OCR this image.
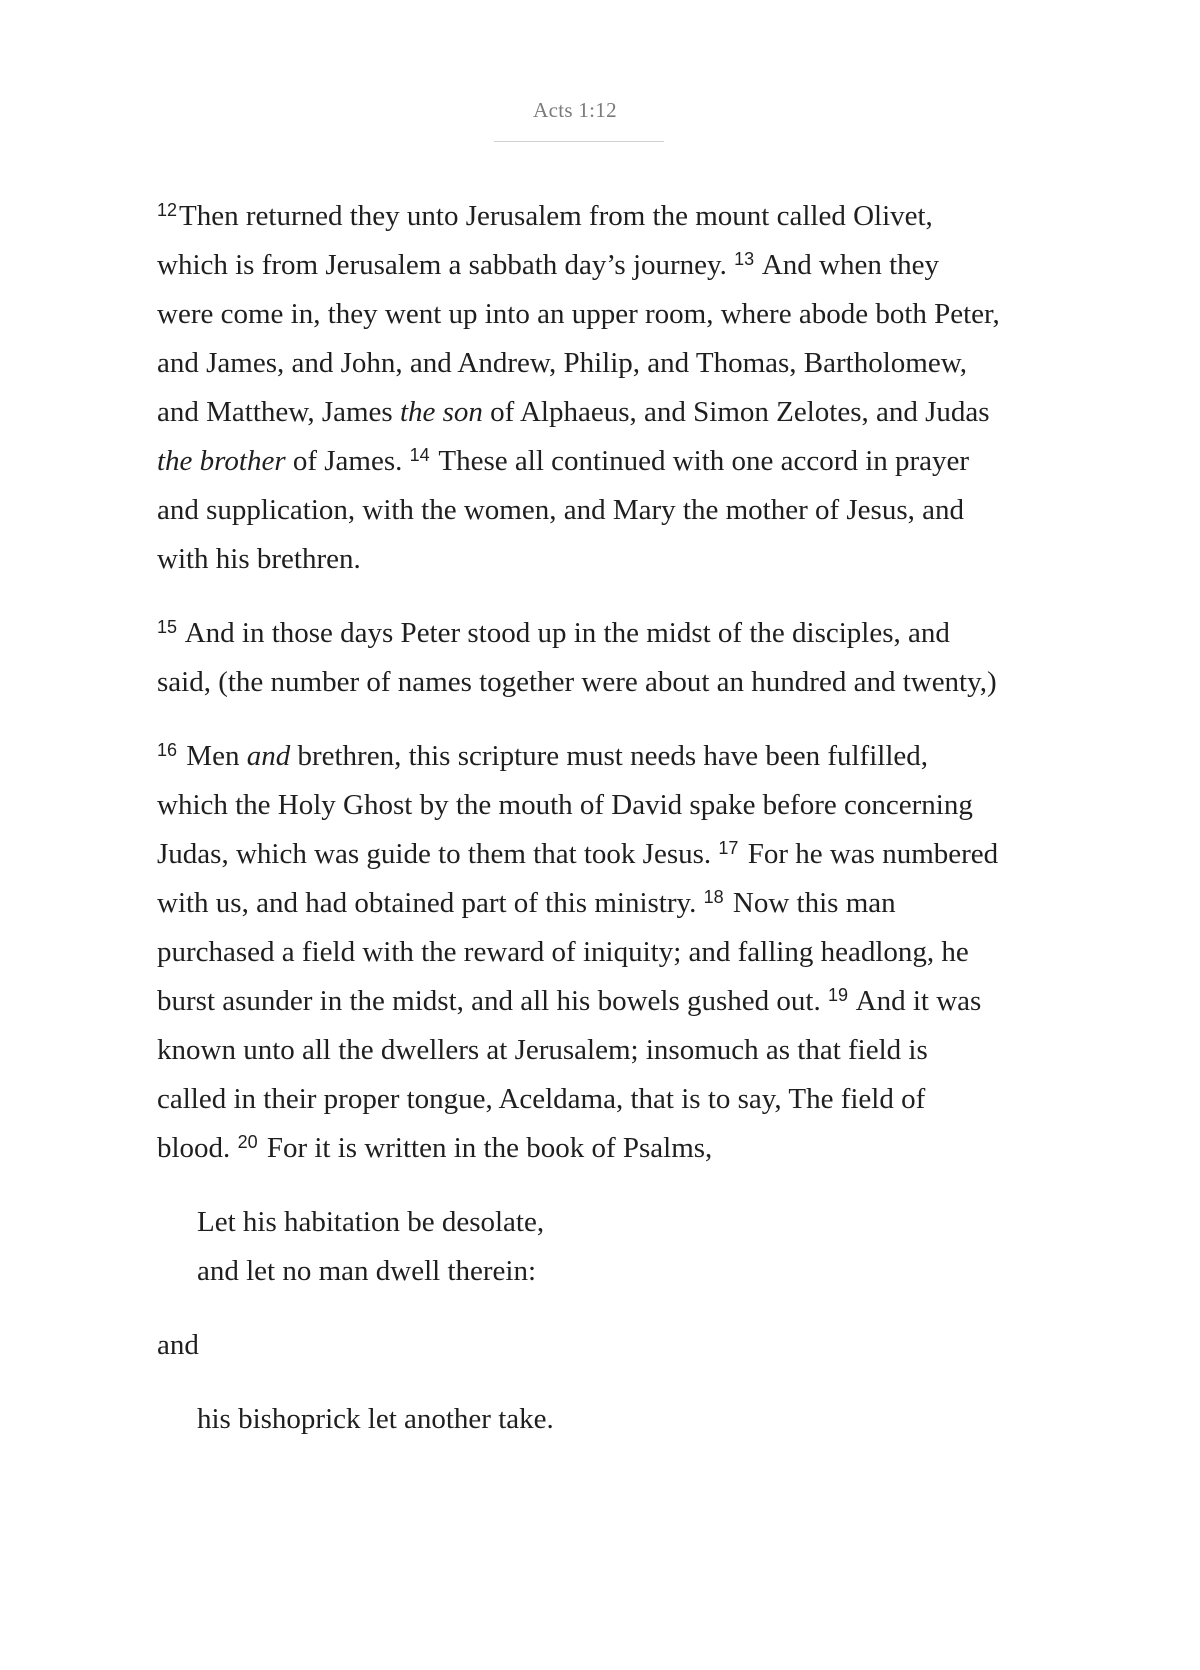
Acts 1:12

$^{12}$Then returned they unto Jerusalem from the mount called Olivet, which is from Jerusalem a sabbath day’s journey. $^{13}$ And when they were come in, they went up into an upper room, where abode both Peter, and James, and John, and Andrew, Philip, and Thomas, Bartholomew, and Matthew, James the son of Alphaeus, and Simon Zelotes, and Judas the brother of James. $^{14}$ These all continued with one accord in prayer and supplication, with the women, and Mary the mother of Jesus, and with his brethren.

$^{15}$ And in those days Peter stood up in the midst of the disciples, and said, (the number of names together were about an hundred and twenty,)

$^{16}$ Men and brethren, this scripture must needs have been fulfilled, which the Holy Ghost by the mouth of David spake before concerning Judas, which was guide to them that took Jesus. $^{17}$ For he was numbered with us, and had obtained part of this ministry. $^{18}$ Now this man purchased a field with the reward of iniquity; and falling headlong, he burst asunder in the midst, and all his bowels gushed out. $^{19}$ And it was known unto all the dwellers at Jerusalem; insomuch as that field is called in their proper tongue, Aceldama, that is to say, The field of blood. $^{20}$ For it is written in the book of Psalms,

Let his habitation be desolate,
and let no man dwell therein:

and

his bishoprick let another take.
